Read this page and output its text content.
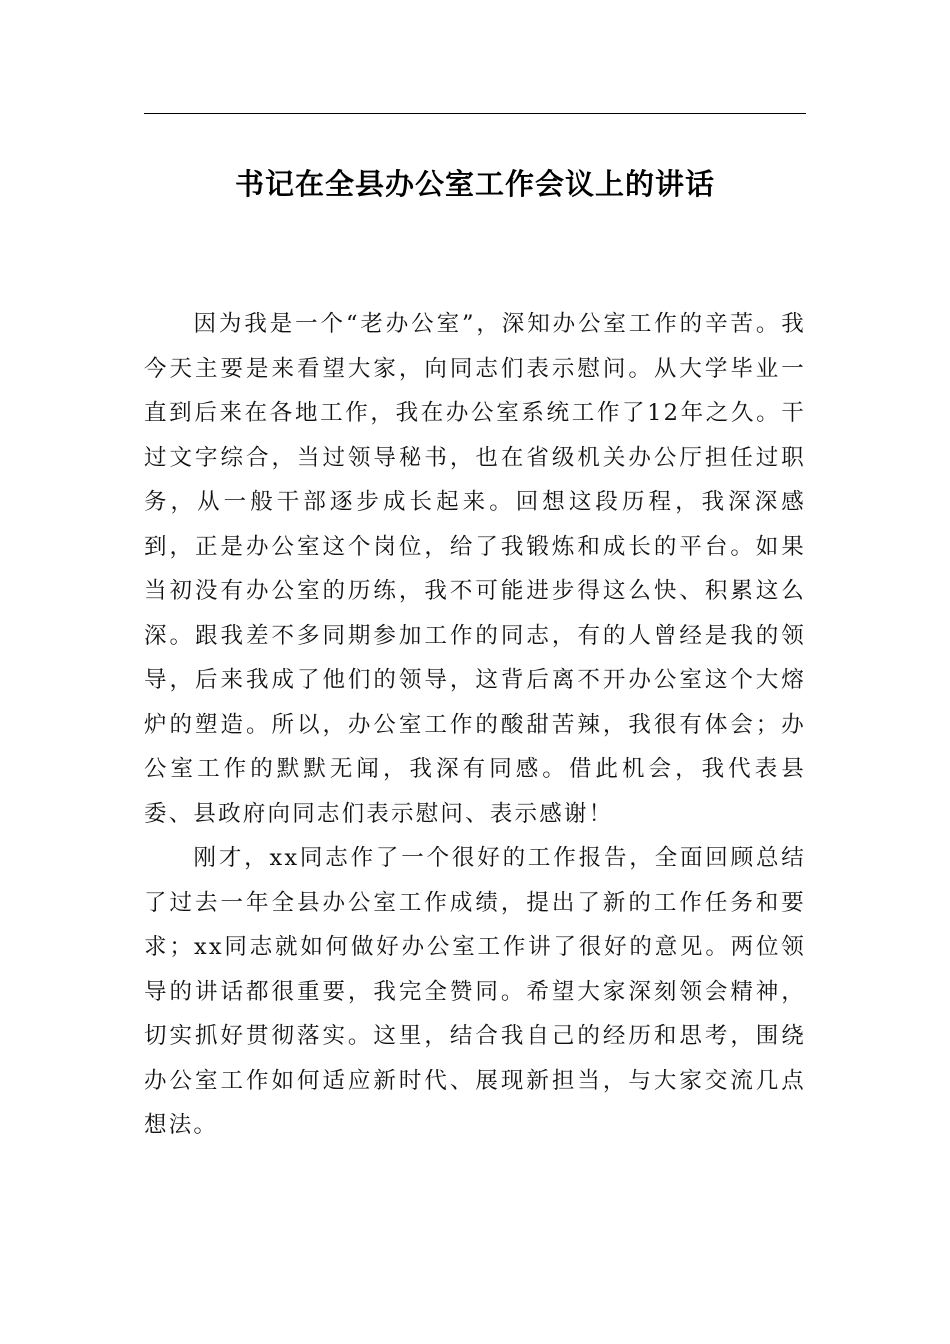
书记在全县办公室工作会议上的讲话

因为我是一个“老办公室”，深知办公室工作的辛苦。我今天主要是来看望大家，向同志们表示慰问。从大学毕业一直到后来在各地工作，我在办公室系统工作了12年之久。干过文字综合，当过领导秘书，也在省级机关办公厅担任过职务，从一般干部逐步成长起来。回想这段历程，我深深感到，正是办公室这个岗位，给了我锻炼和成长的平台。如果当初没有办公室的历练，我不可能进步得这么快、积累这么深。跟我差不多同期参加工作的同志，有的人曾经是我的领导，后来我成了他们的领导，这背后离不开办公室这个大熔炉的塑造。所以，办公室工作的酸甜苦辣，我很有体会；办公室工作的默默无闻，我深有同感。借此机会，我代表县委、县政府向同志们表示慰问、表示感谢！

刚才，xx同志作了一个很好的工作报告，全面回顾总结了过去一年全县办公室工作成绩，提出了新的工作任务和要求；xx同志就如何做好办公室工作讲了很好的意见。两位领导的讲话都很重要，我完全赞同。希望大家深刻领会精神，切实抓好贯彻落实。这里，结合我自己的经历和思考，围绕办公室工作如何适应新时代、展现新担当，与大家交流几点想法。
